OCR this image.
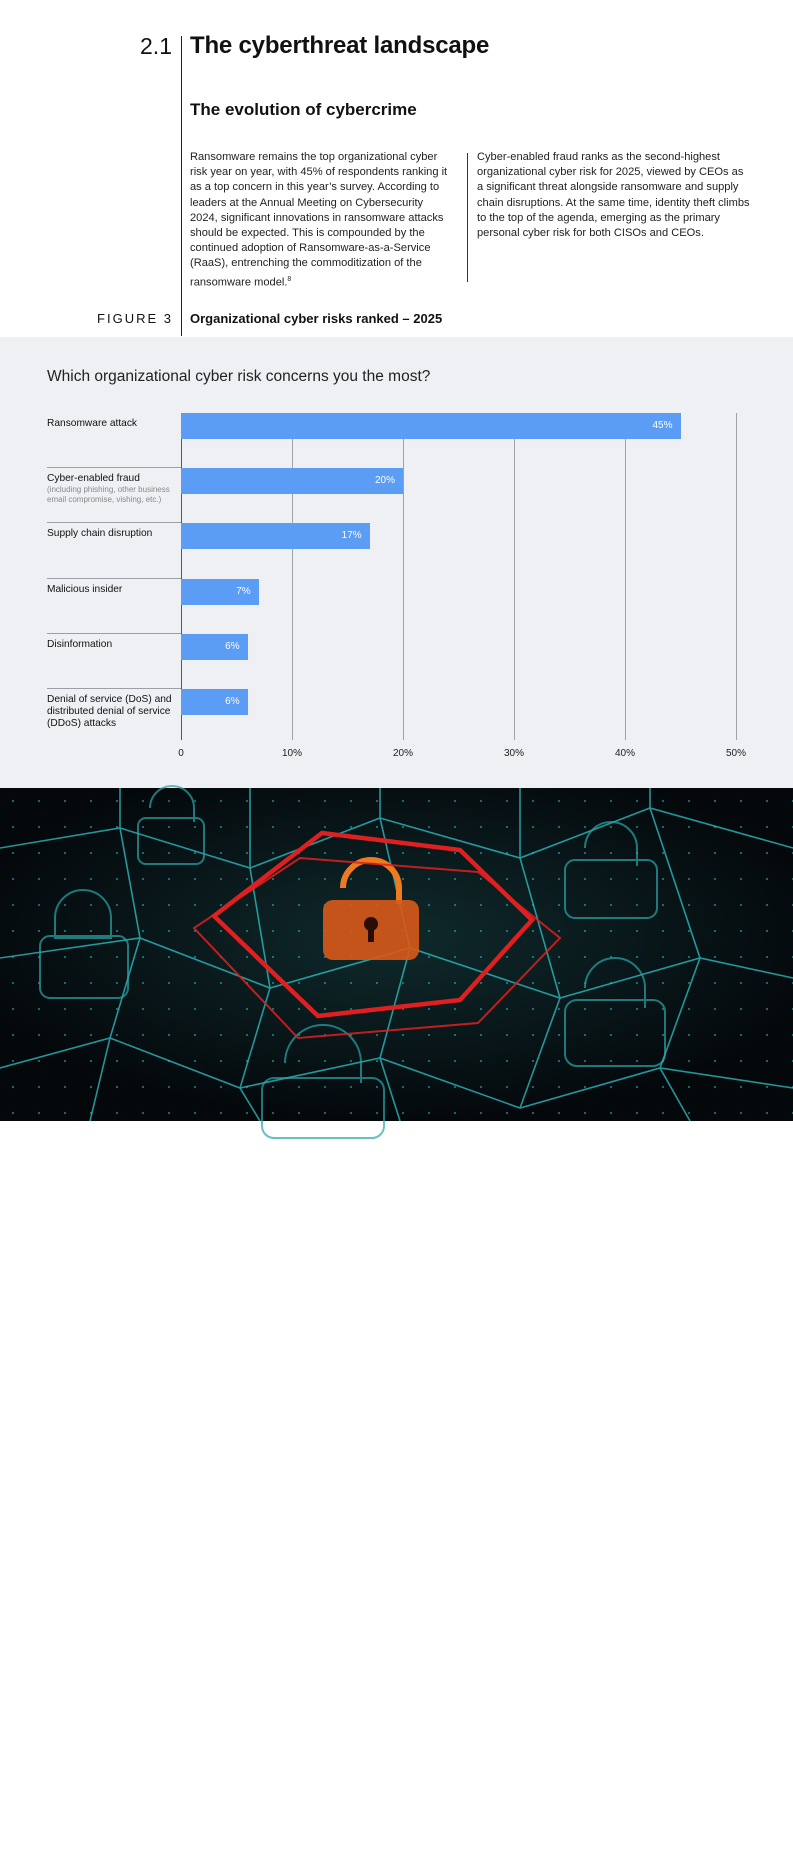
2.1 The cyberthreat landscape
The evolution of cybercrime
Ransomware remains the top organizational cyber risk year on year, with 45% of respondents ranking it as a top concern in this year’s survey. According to leaders at the Annual Meeting on Cybersecurity 2024, significant innovations in ransomware attacks should be expected. This is compounded by the continued adoption of Ransomware-as-a-Service (RaaS), entrenching the commoditization of the ransomware model.$^8$
Cyber-enabled fraud ranks as the second-highest organizational cyber risk for 2025, viewed by CEOs as a significant threat alongside ransomware and supply chain disruptions. At the same time, identity theft climbs to the top of the agenda, emerging as the primary personal cyber risk for both CISOs and CEOs.
FIGURE 3 Organizational cyber risks ranked – 2025
Which organizational cyber risk concerns you the most?
Ransomware attack	45%
Cyber-enabled fraud
(including phishing, other business email compromise, vishing, etc.)
20%
Supply chain disruption	17%
Malicious insider	7%
Disinformation	6%
Denial of service (DoS) and distributed denial of service (DDoS) attacks
6%
0	10%	20%	30%	40%	50%
Global Cybersecurity Outlook 2025 12
